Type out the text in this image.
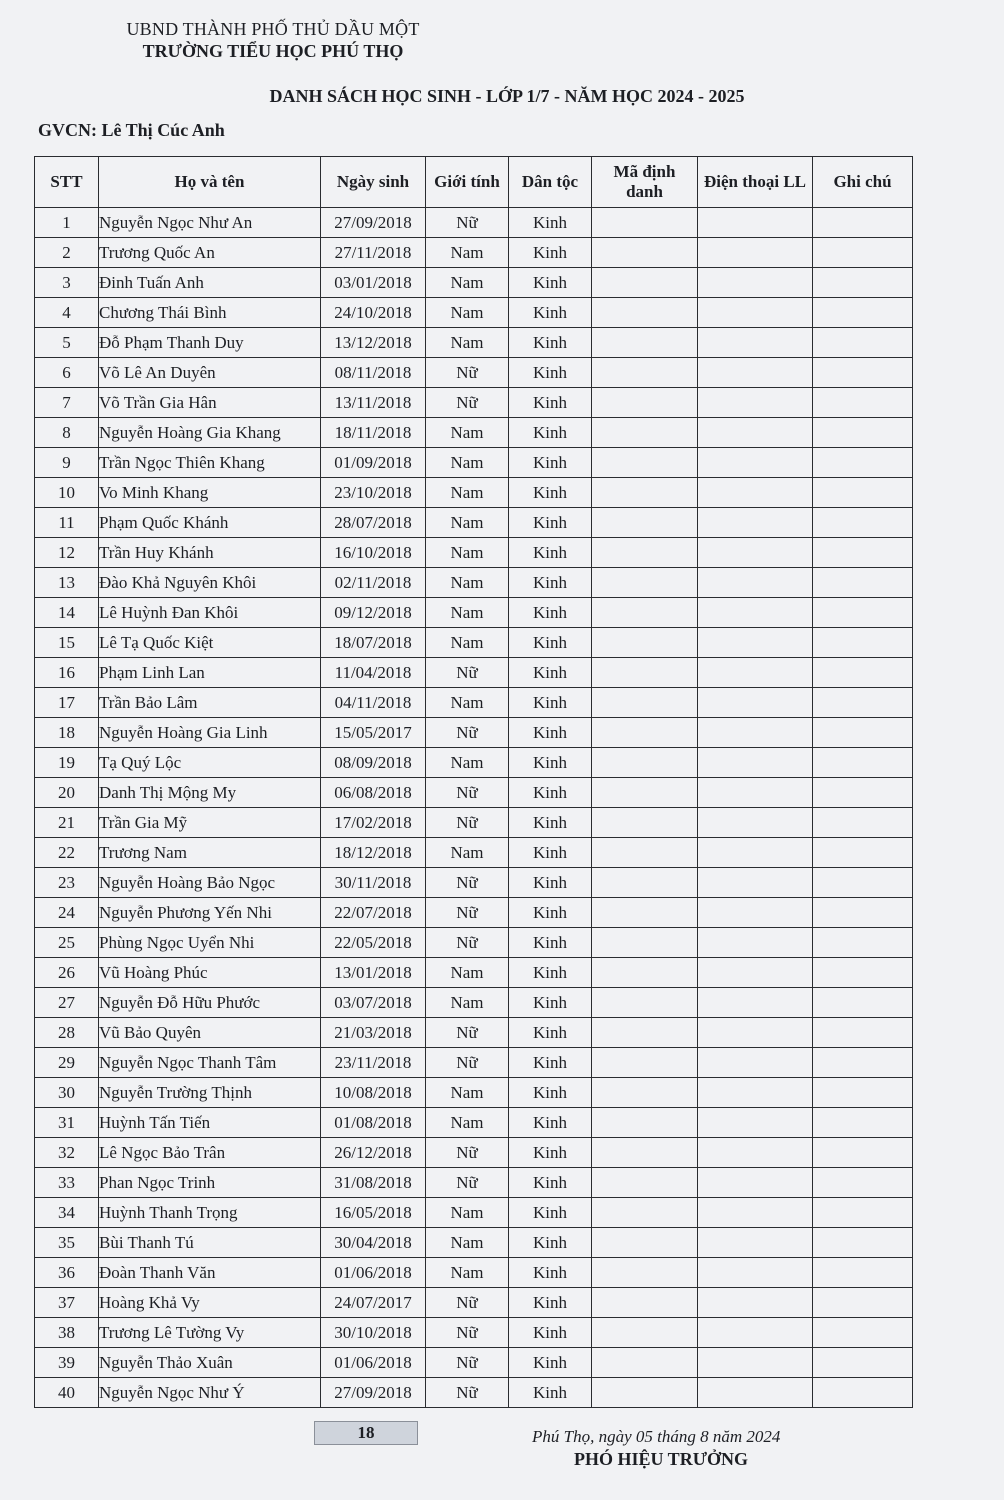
UBND THÀNH PHỐ THỦ DẦU MỘT
TRƯỜNG TIỂU HỌC PHÚ THỌ
DANH SÁCH HỌC SINH - LỚP 1/7 - NĂM HỌC 2024 - 2025
GVCN: Lê Thị Cúc Anh
STT	Họ và tên	Ngày sinh	Giới tính	Dân tộc	Mã định danh	Điện thoại LL	Ghi chú
1	Nguyễn Ngọc Như An	27/09/2018	Nữ	Kinh			
2	Trương Quốc An	27/11/2018	Nam	Kinh			
3	Đinh Tuấn Anh	03/01/2018	Nam	Kinh			
4	Chương Thái Bình	24/10/2018	Nam	Kinh			
5	Đỗ Phạm Thanh Duy	13/12/2018	Nam	Kinh			
6	Võ Lê An Duyên	08/11/2018	Nữ	Kinh			
7	Võ Trần Gia Hân	13/11/2018	Nữ	Kinh			
8	Nguyễn Hoàng Gia Khang	18/11/2018	Nam	Kinh			
9	Trần Ngọc Thiên Khang	01/09/2018	Nam	Kinh			
10	Vo Minh Khang	23/10/2018	Nam	Kinh			
11	Phạm Quốc Khánh	28/07/2018	Nam	Kinh			
12	Trần Huy Khánh	16/10/2018	Nam	Kinh			
13	Đào Khả Nguyên Khôi	02/11/2018	Nam	Kinh			
14	Lê Huỳnh Đan Khôi	09/12/2018	Nam	Kinh			
15	Lê Tạ Quốc Kiệt	18/07/2018	Nam	Kinh			
16	Phạm Linh Lan	11/04/2018	Nữ	Kinh			
17	Trần Bảo Lâm	04/11/2018	Nam	Kinh			
18	Nguyễn Hoàng Gia Linh	15/05/2017	Nữ	Kinh			
19	Tạ Quý Lộc	08/09/2018	Nam	Kinh			
20	Danh Thị Mộng My	06/08/2018	Nữ	Kinh			
21	Trần Gia Mỹ	17/02/2018	Nữ	Kinh			
22	Trương Nam	18/12/2018	Nam	Kinh			
23	Nguyễn Hoàng Bảo Ngọc	30/11/2018	Nữ	Kinh			
24	Nguyễn Phương Yến Nhi	22/07/2018	Nữ	Kinh			
25	Phùng Ngọc Uyển Nhi	22/05/2018	Nữ	Kinh			
26	Vũ Hoàng Phúc	13/01/2018	Nam	Kinh			
27	Nguyễn Đỗ Hữu Phước	03/07/2018	Nam	Kinh			
28	Vũ Bảo Quyên	21/03/2018	Nữ	Kinh			
29	Nguyễn Ngọc Thanh Tâm	23/11/2018	Nữ	Kinh			
30	Nguyễn Trường Thịnh	10/08/2018	Nam	Kinh			
31	Huỳnh Tấn Tiến	01/08/2018	Nam	Kinh			
32	Lê Ngọc Bảo Trân	26/12/2018	Nữ	Kinh			
33	Phan Ngọc Trinh	31/08/2018	Nữ	Kinh			
34	Huỳnh Thanh Trọng	16/05/2018	Nam	Kinh			
35	Bùi Thanh Tú	30/04/2018	Nam	Kinh			
36	Đoàn Thanh Văn	01/06/2018	Nam	Kinh			
37	Hoàng Khả Vy	24/07/2017	Nữ	Kinh			
38	Trương Lê Tường Vy	30/10/2018	Nữ	Kinh			
39	Nguyễn Thảo Xuân	01/06/2018	Nữ	Kinh			
40	Nguyễn Ngọc Như Ý	27/09/2018	Nữ	Kinh			
18	Phú Thọ, ngày 05 tháng 8 năm 2024
PHÓ HIỆU TRƯỞNG
